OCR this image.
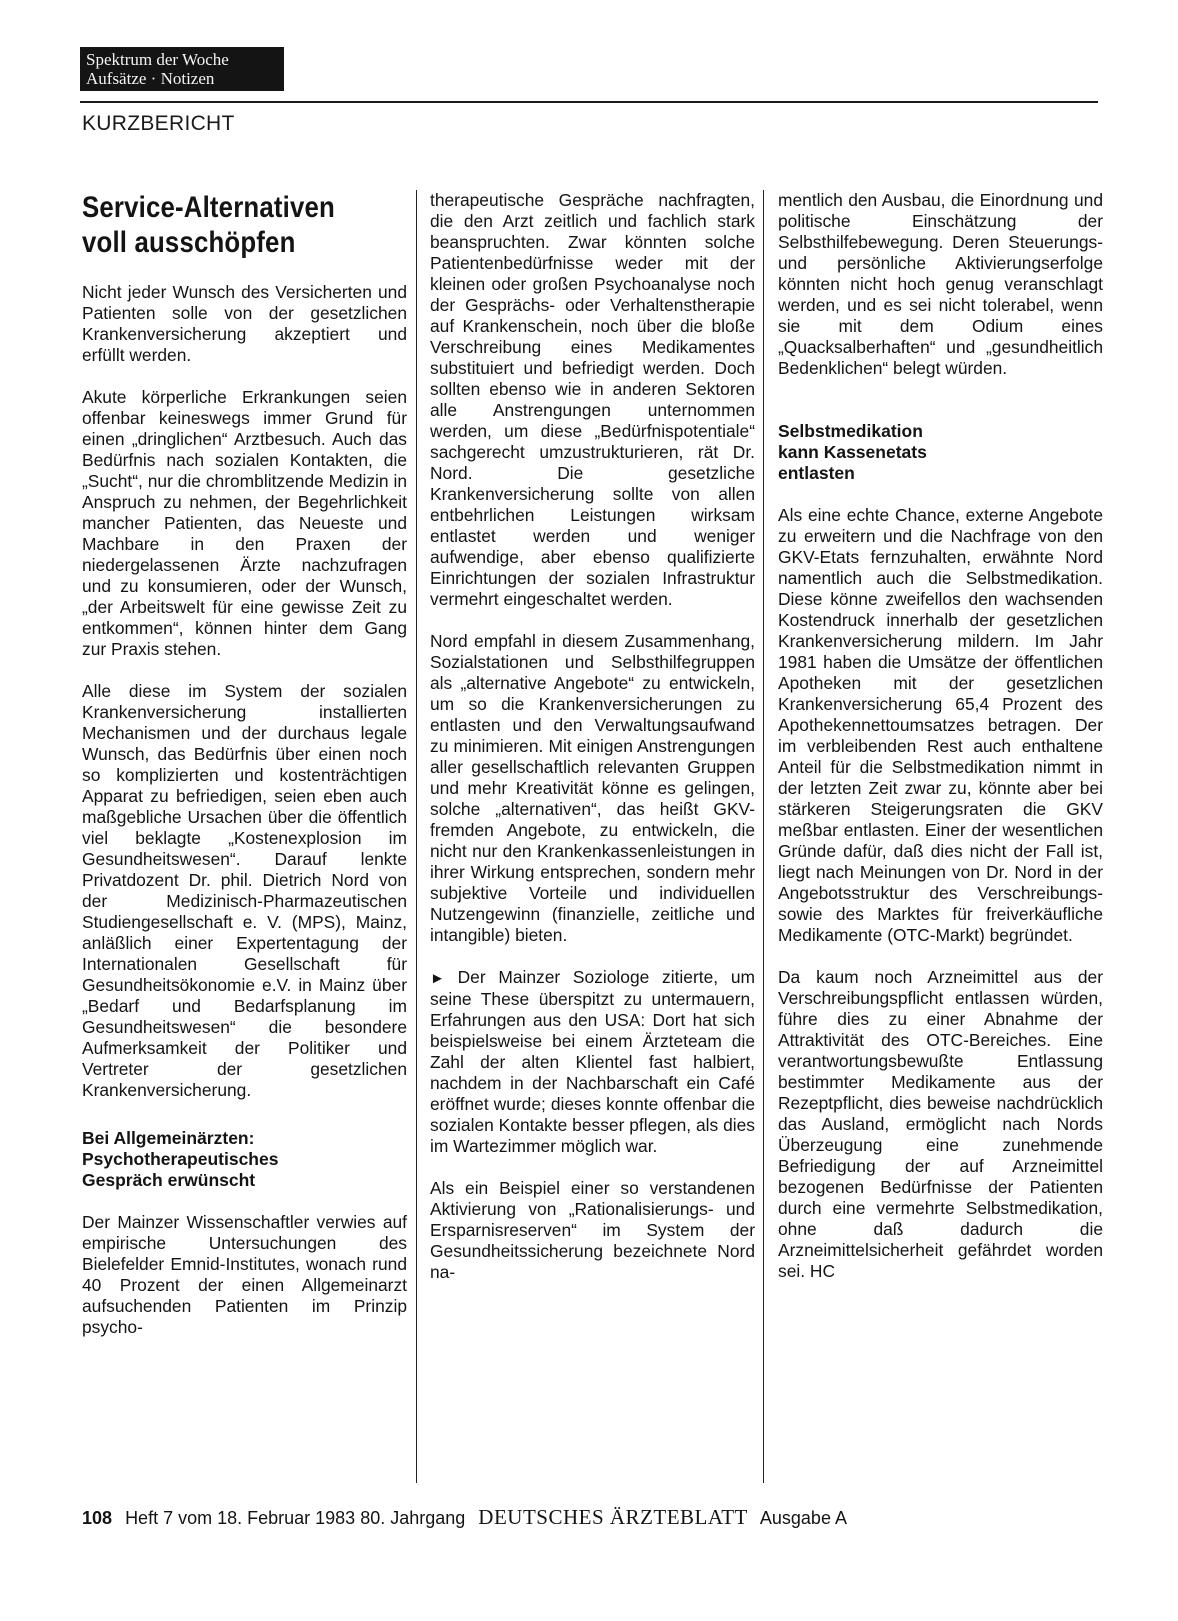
Spektrum der Woche
Aufsätze · Notizen
KURZBERICHT
Service-Alternativen
voll ausschöpfen

Nicht jeder Wunsch des Versicherten und Patienten solle von der gesetzlichen Krankenversicherung akzeptiert und erfüllt werden.

Akute körperliche Erkrankungen seien offenbar keineswegs immer Grund für einen „dringlichen“ Arztbesuch. Auch das Bedürfnis nach sozialen Kontakten, die „Sucht“, nur die chromblitzende Medizin in Anspruch zu nehmen, der Begehrlichkeit mancher Patienten, das Neueste und Machbare in den Praxen der niedergelassenen Ärzte nachzufragen und zu konsumieren, oder der Wunsch, „der Arbeitswelt für eine gewisse Zeit zu entkommen“, können hinter dem Gang zur Praxis stehen.

Alle diese im System der sozialen Krankenversicherung installierten Mechanismen und der durchaus legale Wunsch, das Bedürfnis über einen noch so komplizierten und kostenträchtigen Apparat zu befriedigen, seien eben auch maßgebliche Ursachen über die öffentlich viel beklagte „Kostenexplosion im Gesundheitswesen“. Darauf lenkte Privatdozent Dr. phil. Dietrich Nord von der Medizinisch-Pharmazeutischen Studiengesellschaft e. V. (MPS), Mainz, anläßlich einer Expertentagung der Internationalen Gesellschaft für Gesundheitsökonomie e.V. in Mainz über „Bedarf und Bedarfsplanung im Gesundheitswesen“ die besondere Aufmerksamkeit der Politiker und Vertreter der gesetzlichen Krankenversicherung.

Bei Allgemeinärzten:
Psychotherapeutisches
Gespräch erwünscht

Der Mainzer Wissenschaftler verwies auf empirische Untersuchungen des Bielefelder Emnid-Institutes, wonach rund 40 Prozent der einen Allgemeinarzt aufsuchenden Patienten im Prinzip psycho-

therapeutische Gespräche nachfragten, die den Arzt zeitlich und fachlich stark beanspruchten. Zwar könnten solche Patientenbedürfnisse weder mit der kleinen oder großen Psychoanalyse noch der Gesprächs- oder Verhaltenstherapie auf Krankenschein, noch über die bloße Verschreibung eines Medikamentes substituiert und befriedigt werden. Doch sollten ebenso wie in anderen Sektoren alle Anstrengungen unternommen werden, um diese „Bedürfnispotentiale“ sachgerecht umzustrukturieren, rät Dr. Nord. Die gesetzliche Krankenversicherung sollte von allen entbehrlichen Leistungen wirksam entlastet werden und weniger aufwendige, aber ebenso qualifizierte Einrichtungen der sozialen Infrastruktur vermehrt eingeschaltet werden.

Nord empfahl in diesem Zusammenhang, Sozialstationen und Selbsthilfegruppen als „alternative Angebote“ zu entwickeln, um so die Krankenversicherungen zu entlasten und den Verwaltungsaufwand zu minimieren. Mit einigen Anstrengungen aller gesellschaftlich relevanten Gruppen und mehr Kreativität könne es gelingen, solche „alternativen“, das heißt GKV-fremden Angebote, zu entwickeln, die nicht nur den Krankenkassenleistungen in ihrer Wirkung entsprechen, sondern mehr subjektive Vorteile und individuellen Nutzengewinn (finanzielle, zeitliche und intangible) bieten.

► Der Mainzer Soziologe zitierte, um seine These überspitzt zu untermauern, Erfahrungen aus den USA: Dort hat sich beispielsweise bei einem Ärzteteam die Zahl der alten Klientel fast halbiert, nachdem in der Nachbarschaft ein Café eröffnet wurde; dieses konnte offenbar die sozialen Kontakte besser pflegen, als dies im Wartezimmer möglich war.

Als ein Beispiel einer so verstandenen Aktivierung von „Rationalisierungs- und Ersparnisreserven“ im System der Gesundheitssicherung bezeichnete Nord na-

mentlich den Ausbau, die Einordnung und politische Einschätzung der Selbsthilfebewegung. Deren Steuerungs- und persönliche Aktivierungserfolge könnten nicht hoch genug veranschlagt werden, und es sei nicht tolerabel, wenn sie mit dem Odium eines „Quacksalberhaften“ und „gesundheitlich Bedenklichen“ belegt würden.

Selbstmedikation
kann Kassenetats
entlasten

Als eine echte Chance, externe Angebote zu erweitern und die Nachfrage von den GKV-Etats fernzuhalten, erwähnte Nord namentlich auch die Selbstmedikation. Diese könne zweifellos den wachsenden Kostendruck innerhalb der gesetzlichen Krankenversicherung mildern. Im Jahr 1981 haben die Umsätze der öffentlichen Apotheken mit der gesetzlichen Krankenversicherung 65,4 Prozent des Apothekennettoumsatzes betragen. Der im verbleibenden Rest auch enthaltene Anteil für die Selbstmedikation nimmt in der letzten Zeit zwar zu, könnte aber bei stärkeren Steigerungsraten die GKV meßbar entlasten. Einer der wesentlichen Gründe dafür, daß dies nicht der Fall ist, liegt nach Meinungen von Dr. Nord in der Angebotsstruktur des Verschreibungs- sowie des Marktes für freiverkäufliche Medikamente (OTC-Markt) begründet.

Da kaum noch Arzneimittel aus der Verschreibungspflicht entlassen würden, führe dies zu einer Abnahme der Attraktivität des OTC-Bereiches. Eine verantwortungsbewußte Entlassung bestimmter Medikamente aus der Rezeptpflicht, dies beweise nachdrücklich das Ausland, ermöglicht nach Nords Überzeugung eine zunehmende Befriedigung der auf Arzneimittel bezogenen Bedürfnisse der Patienten durch eine vermehrte Selbstmedikation, ohne daß dadurch die Arzneimittelsicherheit gefährdet worden sei. HC

108 Heft 7 vom 18. Februar 1983 80. Jahrgang DEUTSCHES ÄRZTEBLATT Ausgabe A
